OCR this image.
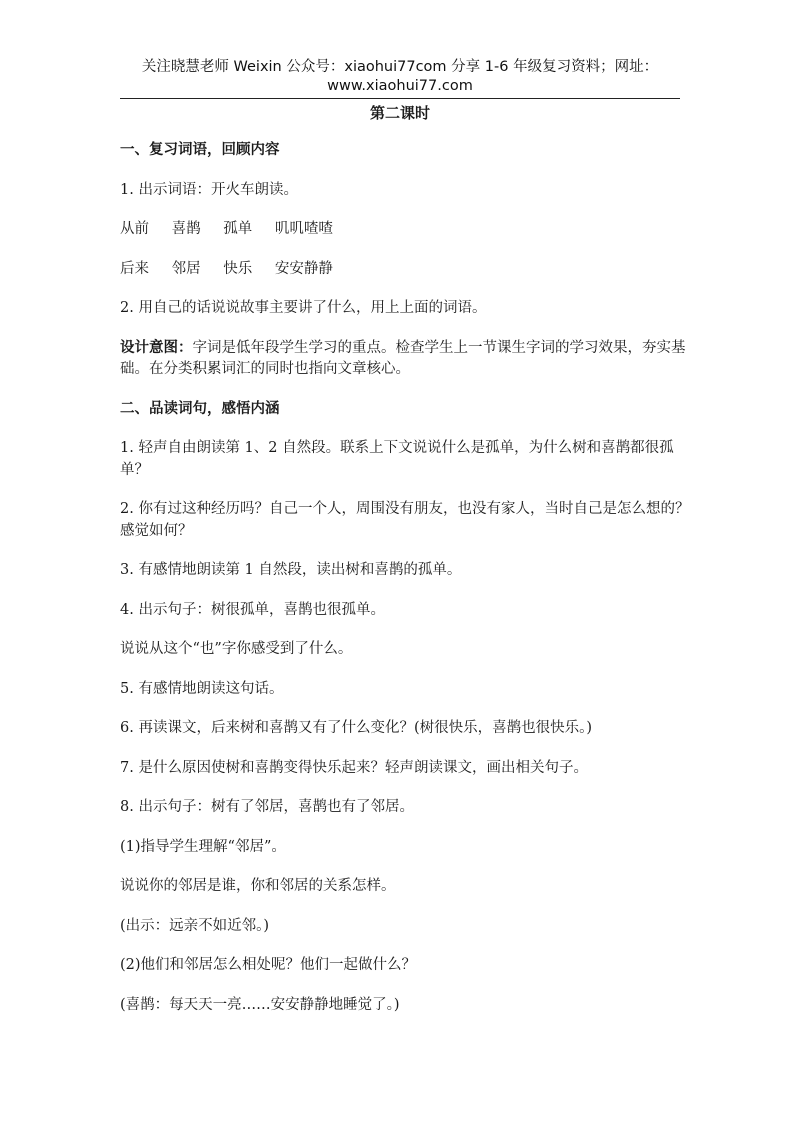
关注晓慧老师 Weixin 公众号：xiaohui77com 分享 1-6 年级复习资料；网址：
www.xiaohui77.com
第二课时

一、复习词语，回顾内容

1. 出示词语：开火车朗读。

从前 喜鹊 孤单 叽叽喳喳

后来 邻居 快乐 安安静静

2. 用自己的话说说故事主要讲了什么，用上上面的词语。

设计意图：字词是低年段学生学习的重点。检查学生上一节课生字词的学习效果，夯实基础。在分类积累词汇的同时也指向文章核心。

二、品读词句，感悟内涵

1. 轻声自由朗读第 1、2 自然段。联系上下文说说什么是孤单，为什么树和喜鹊都很孤单？

2. 你有过这种经历吗？自己一个人，周围没有朋友，也没有家人，当时自己是怎么想的？感觉如何？

3. 有感情地朗读第 1 自然段，读出树和喜鹊的孤单。

4. 出示句子：树很孤单，喜鹊也很孤单。

说说从这个“也”字你感受到了什么。

5. 有感情地朗读这句话。

6. 再读课文，后来树和喜鹊又有了什么变化？(树很快乐，喜鹊也很快乐。)

7. 是什么原因使树和喜鹊变得快乐起来？轻声朗读课文，画出相关句子。

8. 出示句子：树有了邻居，喜鹊也有了邻居。

(1)指导学生理解“邻居”。

说说你的邻居是谁，你和邻居的关系怎样。

(出示：远亲不如近邻。)

(2)他们和邻居怎么相处呢？他们一起做什么？

(喜鹊：每天天一亮……安安静静地睡觉了。)
